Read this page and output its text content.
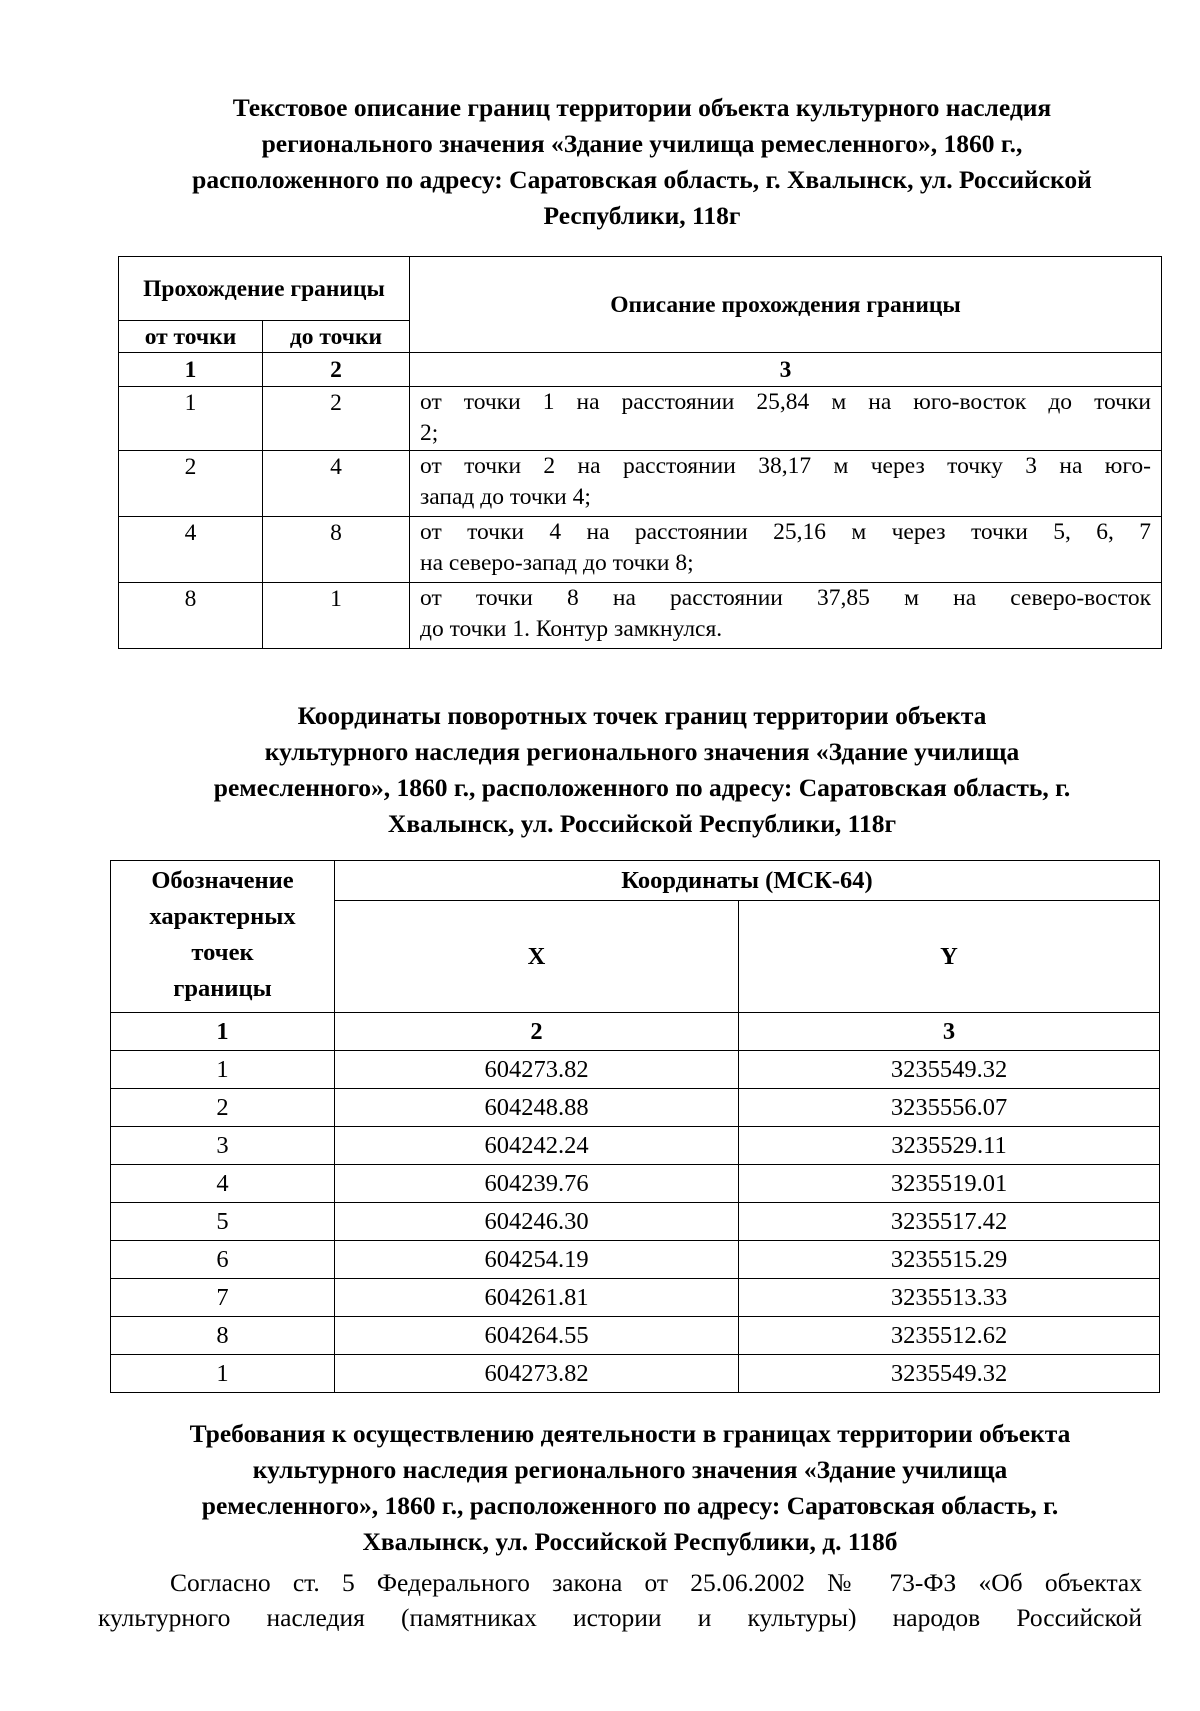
Текстовое описание границ территории объекта культурного наследия
регионального значения «Здание училища ремесленного», 1860 г.,
расположенного по адресу: Саратовская область, г. Хвалынск, ул. Российской
Республики, 118г
Прохождение границы		Описание прохождения границы
от точки	до точки	
1	2	3
1	2	от точки 1 на расстоянии 25,84 м на юго-восток до точки
2;

2	4	от точки 2 на расстоянии 38,17 м через точку 3 на юго-
запад до точки 4;

4	8	от точки 4 на расстоянии 25,16 м через точки 5, 6, 7
на северо-запад до точки 8;

8	1	от точки 8 на расстоянии 37,85 м на северо-восток
до точки 1. Контур замкнулся.
Координаты поворотных точек границ территории объекта
культурного наследия регионального значения «Здание училища
ремесленного», 1860 г., расположенного по адресу: Саратовская область, г.
Хвалынск, ул. Российской Республики, 118г
Обозначение
характерных
точек
границы	Координаты (МСК-64)	
	X	Y
1	2	3
1	604273.82	3235549.32
2	604248.88	3235556.07
3	604242.24	3235529.11
4	604239.76	3235519.01
5	604246.30	3235517.42
6	604254.19	3235515.29
7	604261.81	3235513.33
8	604264.55	3235512.62
1	604273.82	3235549.32
Требования к осуществлению деятельности в границах территории объекта
культурного наследия регионального значения «Здание училища
ремесленного», 1860 г., расположенного по адресу: Саратовская область, г.
Хвалынск, ул. Российской Республики, д. 118б
Согласно ст. 5 Федерального закона от 25.06.2002 № 73-ФЗ «Об объектах
культурного наследия (памятниках истории и культуры) народов Российской
